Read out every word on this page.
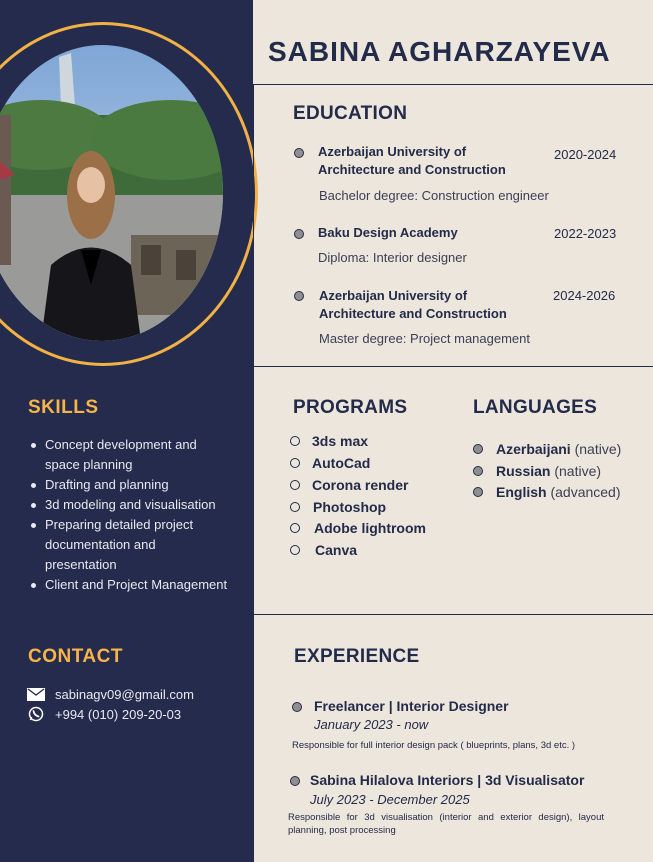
SKILLS
Concept development and space planning
Drafting and planning
3d modeling and visualisation
Preparing detailed project documentation and presentation
Client and Project Management
CONTACT
sabinagv09@gmail.com
+994 (010) 209-20-03
SABINA AGHARZAYEVA
EDUCATION
Azerbaijan University of Architecture and Construction
2020-2024
Bachelor degree: Construction engineer
Baku Design Academy	2022-2023
Diploma: Interior designer
Azerbaijan University of Architecture and Construction
2024-2026
Master degree: Project management
PROGRAMS
3ds max
AutoCad
Corona render
Photoshop
Adobe lightroom
Canva
LANGUAGES
Azerbaijani (native)
Russian (native)
English (advanced)
EXPERIENCE
Freelancer | Interior Designer
January 2023 - now
Responsible for full interior design pack ( blueprints, plans, 3d etc. )
Sabina Hilalova Interiors | 3d Visualisator
July 2023 - December 2025
Responsible for 3d visualisation (interior and exterior design), layout planning, post processing
